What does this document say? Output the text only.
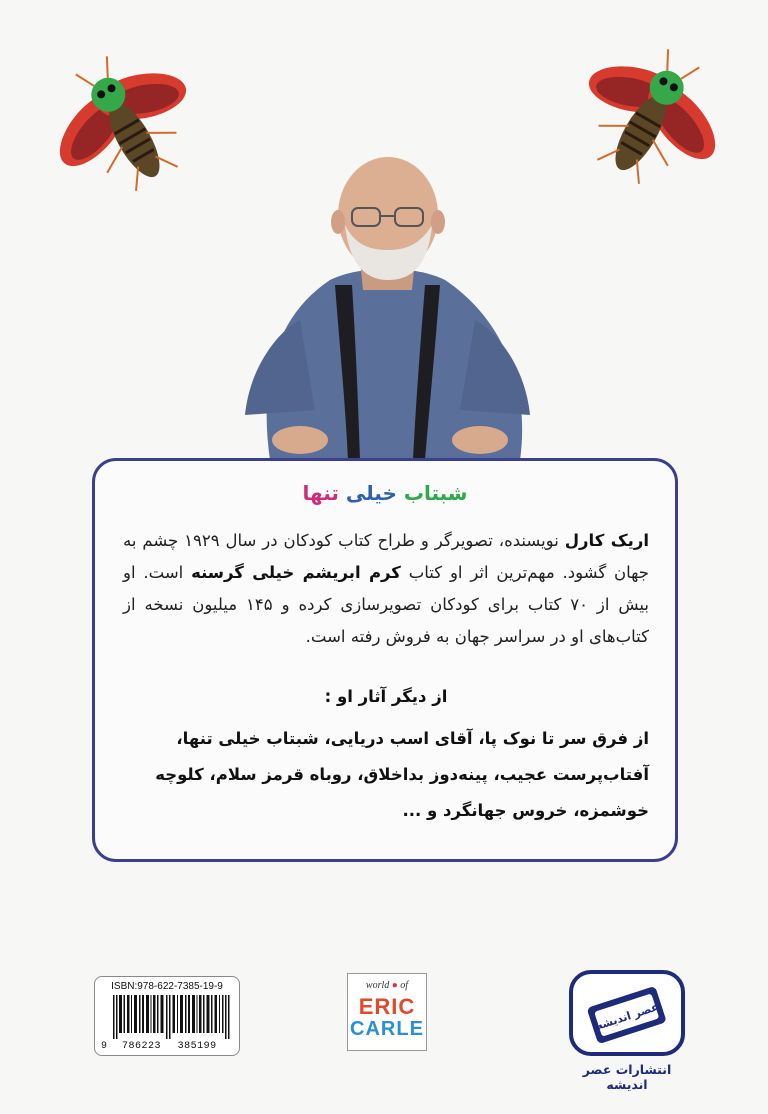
شبتاب خیلی تنها
اریک کارل نویسنده، تصویرگر و طراح کتاب کودکان در سال ۱۹۲۹ چشم به جهان گشود. مهم‌ترین اثر او کتاب کرم ابریشم خیلی گرسنه است. او بیش از ۷۰ کتاب برای کودکان تصویرسازی کرده و ۱۴۵ میلیون نسخه از کتاب‌های او در سراسر جهان به فروش رفته است.
از دیگر آثار او :
از فرق سر تا نوک پا، آقای اسب دریایی، شبتاب خیلی تنها، آفتاب‌پرست عجیب، پینه‌دوز بداخلاق، روباه قرمز سلام، کلوچه خوشمزه، خروس جهانگرد و ...
ISBN:978-622-7385-19-9
9 786223 385199
world ● of
ERIC
CARLE	عصر اندیشه
انتشارات عصر اندیشه
